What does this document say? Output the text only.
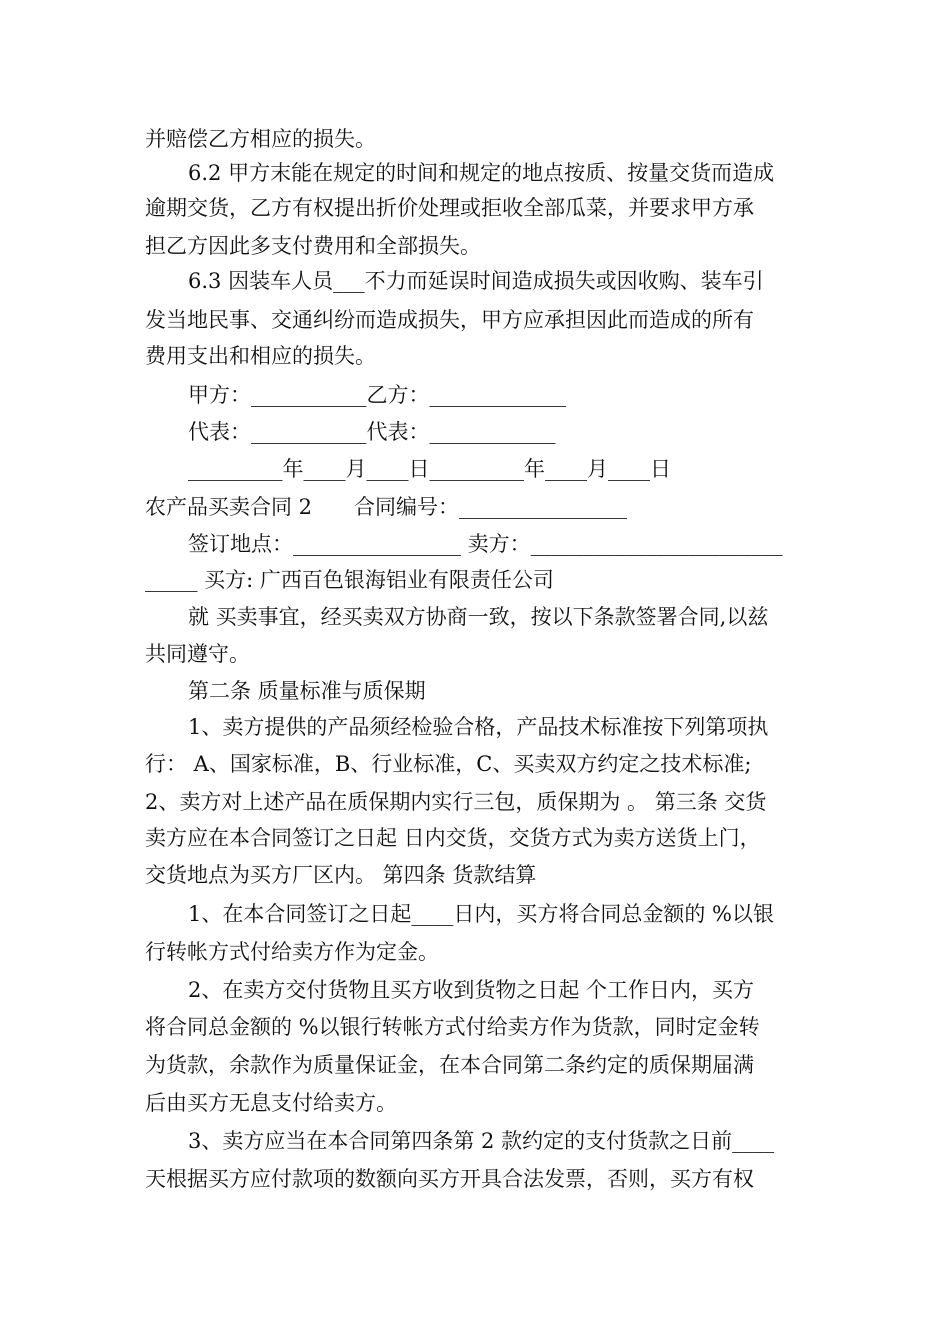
并赔偿乙方相应的损失。
6.2 甲方末能在规定的时间和规定的地点按质、按量交货而造成
逾期交货，乙方有权提出折价处理或拒收全部瓜菜，并要求甲方承
担乙方因此多支付费用和全部损失。
6.3 因装车人员___不力而延误时间造成损失或因收购、装车引
发当地民事、交通纠纷而造成损失，甲方应承担因此而造成的所有
费用支出和相应的损失。
甲方：___________乙方：_____________
代表：___________代表：____________
_________年____月____日_________年____月____日
农产品买卖合同 2　　合同编号：________________
签订地点：________________ 卖方：________________________
_____ 买方: 广西百色银海铝业有限责任公司
就 买卖事宜，经买卖双方协商一致，按以下条款签署合同,以兹
共同遵守。
第二条 质量标准与质保期
1、卖方提供的产品须经检验合格，产品技术标准按下列第项执
行： A、国家标准，B、行业标准，C、买卖双方约定之技术标准;
2、卖方对上述产品在质保期内实行三包，质保期为 。 第三条 交货
卖方应在本合同签订之日起 日内交货，交货方式为卖方送货上门，
交货地点为买方厂区内。 第四条 货款结算
1、在本合同签订之日起____日内，买方将合同总金额的 %以银
行转帐方式付给卖方作为定金。
2、在卖方交付货物且买方收到货物之日起 个工作日内，买方
将合同总金额的 %以银行转帐方式付给卖方作为货款，同时定金转
为货款，余款作为质量保证金，在本合同第二条约定的质保期届满
后由买方无息支付给卖方。
3、卖方应当在本合同第四条第 2 款约定的支付货款之日前____
天根据买方应付款项的数额向买方开具合法发票，否则，买方有权
